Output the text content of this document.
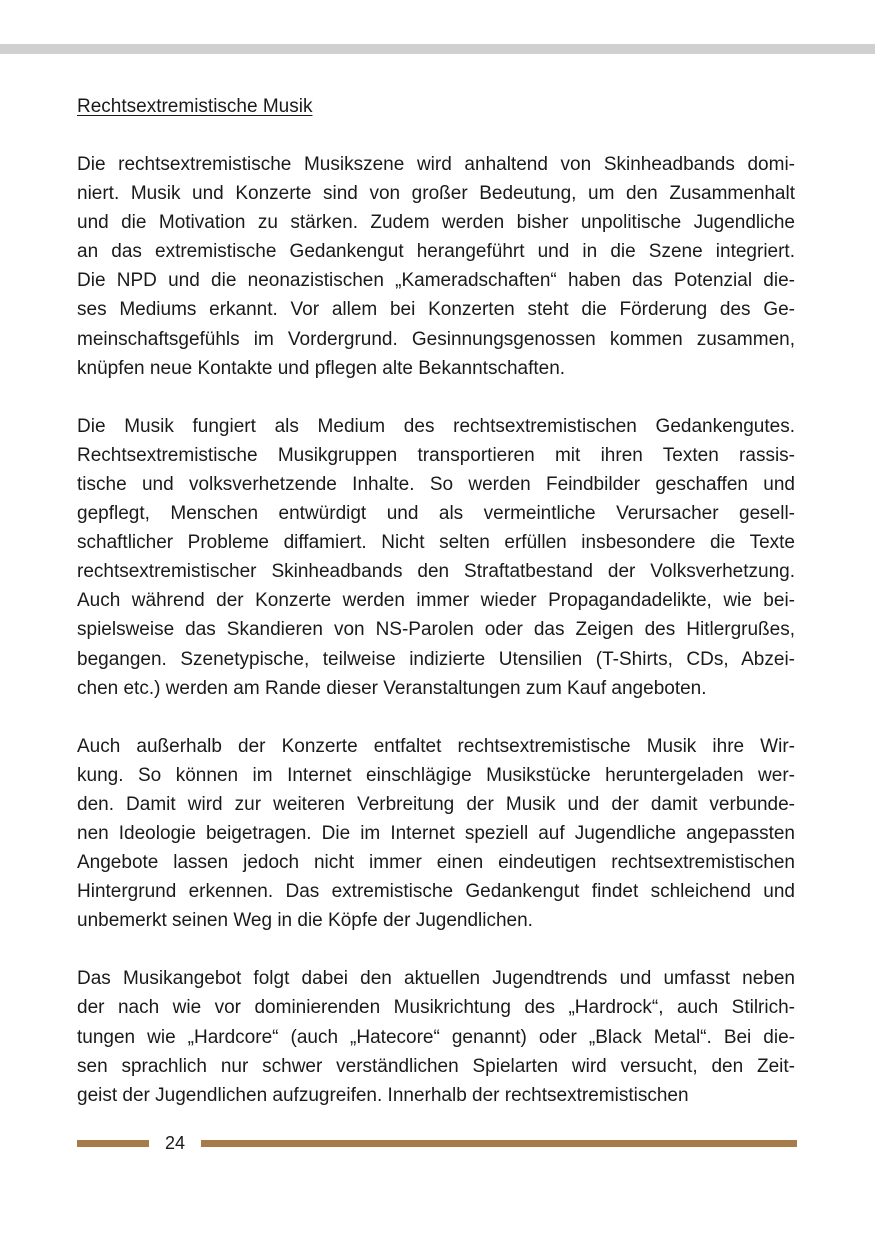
Rechtsextremistische Musik

Die rechtsextremistische Musikszene wird anhaltend von Skinheadbands domi-
niert. Musik und Konzerte sind von großer Bedeutung, um den Zusammenhalt
und die Motivation zu stärken. Zudem werden bisher unpolitische Jugendliche
an das extremistische Gedankengut herangeführt und in die Szene integriert.
Die NPD und die neonazistischen „Kameradschaften“ haben das Potenzial die-
ses Mediums erkannt. Vor allem bei Konzerten steht die Förderung des Ge-
meinschaftsgefühls im Vordergrund. Gesinnungsgenossen kommen zusammen,
knüpfen neue Kontakte und pflegen alte Bekanntschaften.

Die Musik fungiert als Medium des rechtsextremistischen Gedankengutes.
Rechtsextremistische Musikgruppen transportieren mit ihren Texten rassis-
tische und volksverhetzende Inhalte. So werden Feindbilder geschaffen und
gepflegt, Menschen entwürdigt und als vermeintliche Verursacher gesell-
schaftlicher Probleme diffamiert. Nicht selten erfüllen insbesondere die Texte
rechtsextremistischer Skinheadbands den Straftatbestand der Volksverhetzung.
Auch während der Konzerte werden immer wieder Propagandadelikte, wie bei-
spielsweise das Skandieren von NS-Parolen oder das Zeigen des Hitlergrußes,
begangen. Szenetypische, teilweise indizierte Utensilien (T-Shirts, CDs, Abzei-
chen etc.) werden am Rande dieser Veranstaltungen zum Kauf angeboten.

Auch außerhalb der Konzerte entfaltet rechtsextremistische Musik ihre Wir-
kung. So können im Internet einschlägige Musikstücke heruntergeladen wer-
den. Damit wird zur weiteren Verbreitung der Musik und der damit verbunde-
nen Ideologie beigetragen. Die im Internet speziell auf Jugendliche angepassten
Angebote lassen jedoch nicht immer einen eindeutigen rechtsextremistischen
Hintergrund erkennen. Das extremistische Gedankengut findet schleichend und
unbemerkt seinen Weg in die Köpfe der Jugendlichen.

Das Musikangebot folgt dabei den aktuellen Jugendtrends und umfasst neben
der nach wie vor dominierenden Musikrichtung des „Hardrock“, auch Stilrich-
tungen wie „Hardcore“ (auch „Hatecore“ genannt) oder „Black Metal“. Bei die-
sen sprachlich nur schwer verständlichen Spielarten wird versucht, den Zeit-
geist der Jugendlichen aufzugreifen. Innerhalb der rechtsextremistischen

24
